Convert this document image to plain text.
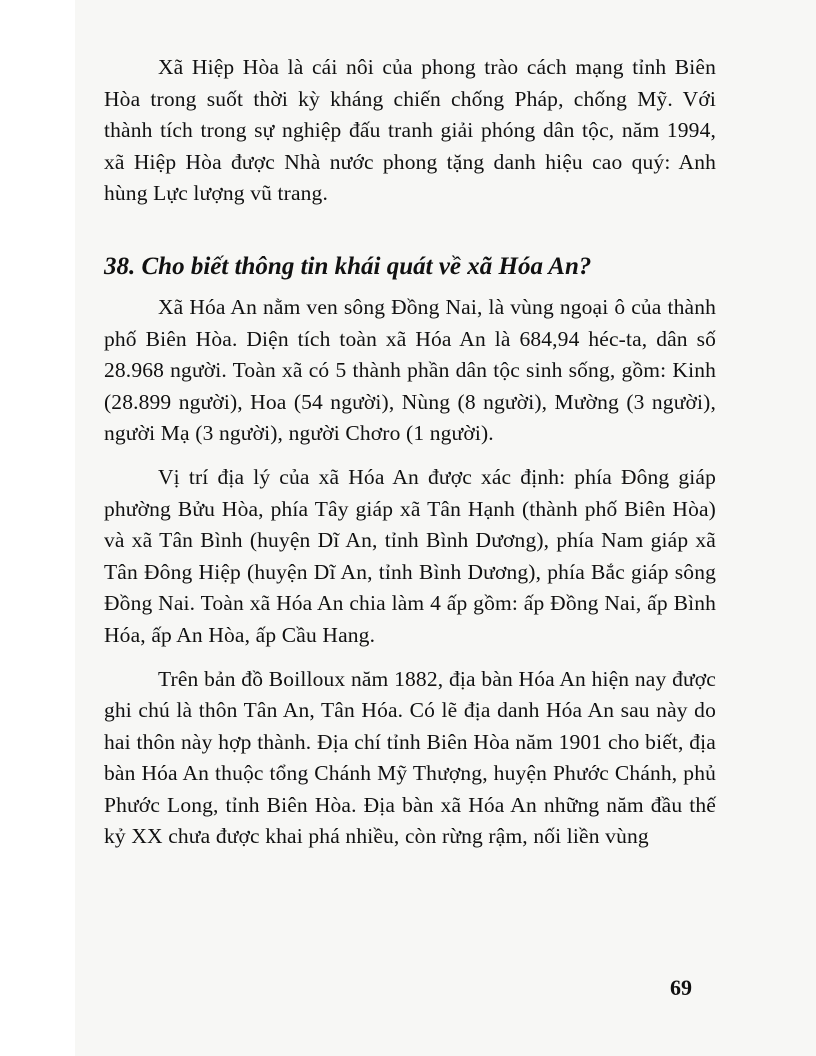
Xã Hiệp Hòa là cái nôi của phong trào cách mạng tỉnh Biên Hòa trong suốt thời kỳ kháng chiến chống Pháp, chống Mỹ. Với thành tích trong sự nghiệp đấu tranh giải phóng dân tộc, năm 1994, xã Hiệp Hòa được Nhà nước phong tặng danh hiệu cao quý: Anh hùng Lực lượng vũ trang.

38. Cho biết thông tin khái quát về xã Hóa An?

Xã Hóa An nằm ven sông Đồng Nai, là vùng ngoại ô của thành phố Biên Hòa. Diện tích toàn xã Hóa An là 684,94 héc-ta, dân số 28.968 người. Toàn xã có 5 thành phần dân tộc sinh sống, gồm: Kinh (28.899 người), Hoa (54 người), Nùng (8 người), Mường (3 người), người Mạ (3 người), người Chơro (1 người).

Vị trí địa lý của xã Hóa An được xác định: phía Đông giáp phường Bửu Hòa, phía Tây giáp xã Tân Hạnh (thành phố Biên Hòa) và xã Tân Bình (huyện Dĩ An, tỉnh Bình Dương), phía Nam giáp xã Tân Đông Hiệp (huyện Dĩ An, tỉnh Bình Dương), phía Bắc giáp sông Đồng Nai. Toàn xã Hóa An chia làm 4 ấp gồm: ấp Đồng Nai, ấp Bình Hóa, ấp An Hòa, ấp Cầu Hang.

Trên bản đồ Boilloux năm 1882, địa bàn Hóa An hiện nay được ghi chú là thôn Tân An, Tân Hóa. Có lẽ địa danh Hóa An sau này do hai thôn này hợp thành. Địa chí tỉnh Biên Hòa năm 1901 cho biết, địa bàn Hóa An thuộc tổng Chánh Mỹ Thượng, huyện Phước Chánh, phủ Phước Long, tỉnh Biên Hòa. Địa bàn xã Hóa An những năm đầu thế kỷ XX chưa được khai phá nhiều, còn rừng rậm, nối liền vùng

69
